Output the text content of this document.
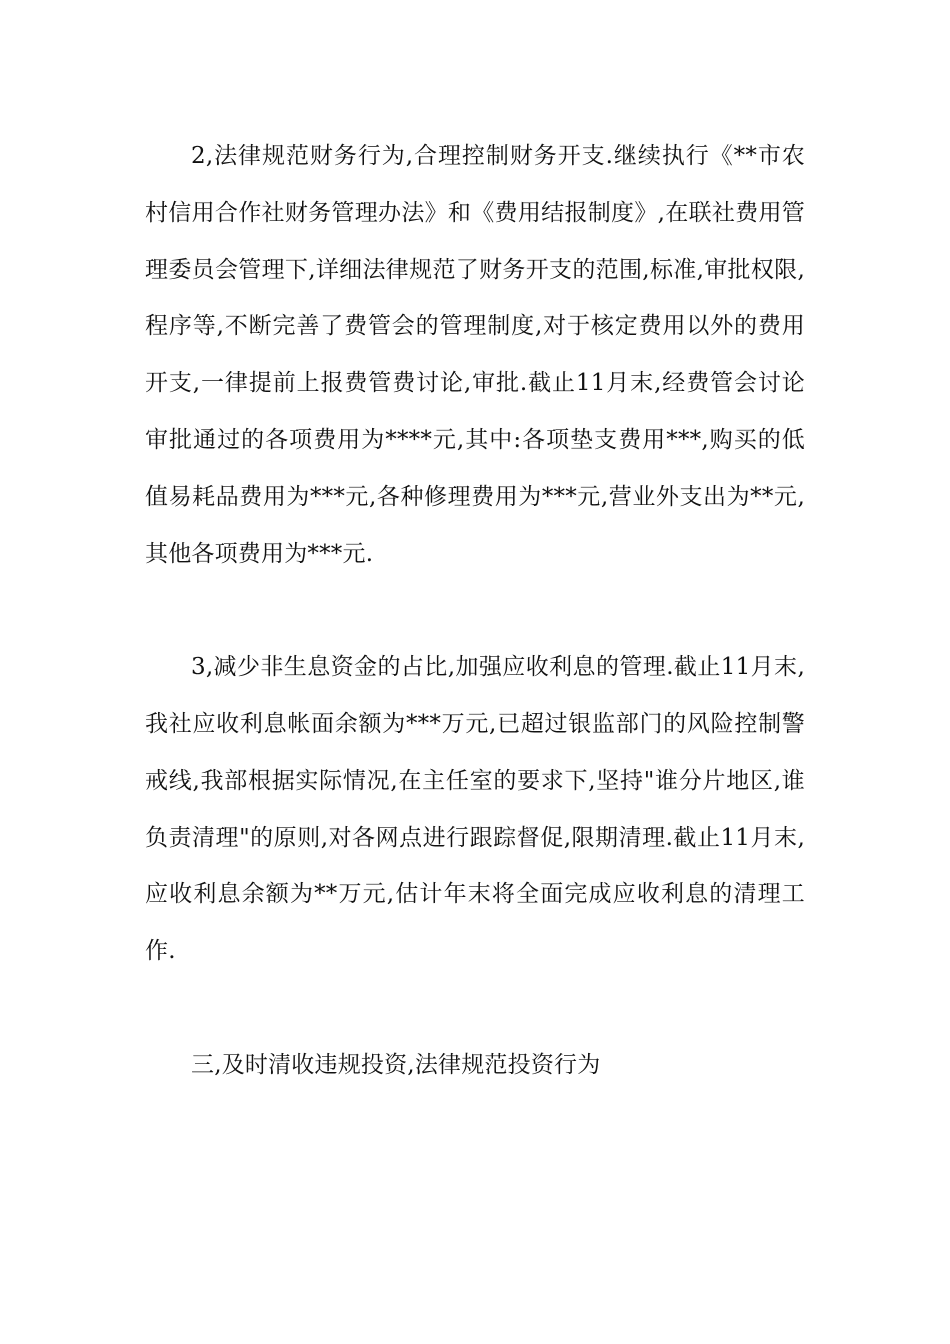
2,法律规范财务行为,合理控制财务开支.继续执行《**市农村信用合作社财务管理办法》和《费用结报制度》,在联社费用管理委员会管理下,详细法律规范了财务开支的范围,标准,审批权限,程序等,不断完善了费管会的管理制度,对于核定费用以外的费用开支,一律提前上报费管费讨论,审批.截止11月末,经费管会讨论审批通过的各项费用为****元,其中:各项垫支费用***,购买的低值易耗品费用为***元,各种修理费用为***元,营业外支出为**元,其他各项费用为***元.

3,减少非生息资金的占比,加强应收利息的管理.截止11月末,我社应收利息帐面余额为***万元,已超过银监部门的风险控制警戒线,我部根据实际情况,在主任室的要求下,坚持"谁分片地区,谁负责清理"的原则,对各网点进行跟踪督促,限期清理.截止11月末,应收利息余额为**万元,估计年末将全面完成应收利息的清理工作.

三,及时清收违规投资,法律规范投资行为
